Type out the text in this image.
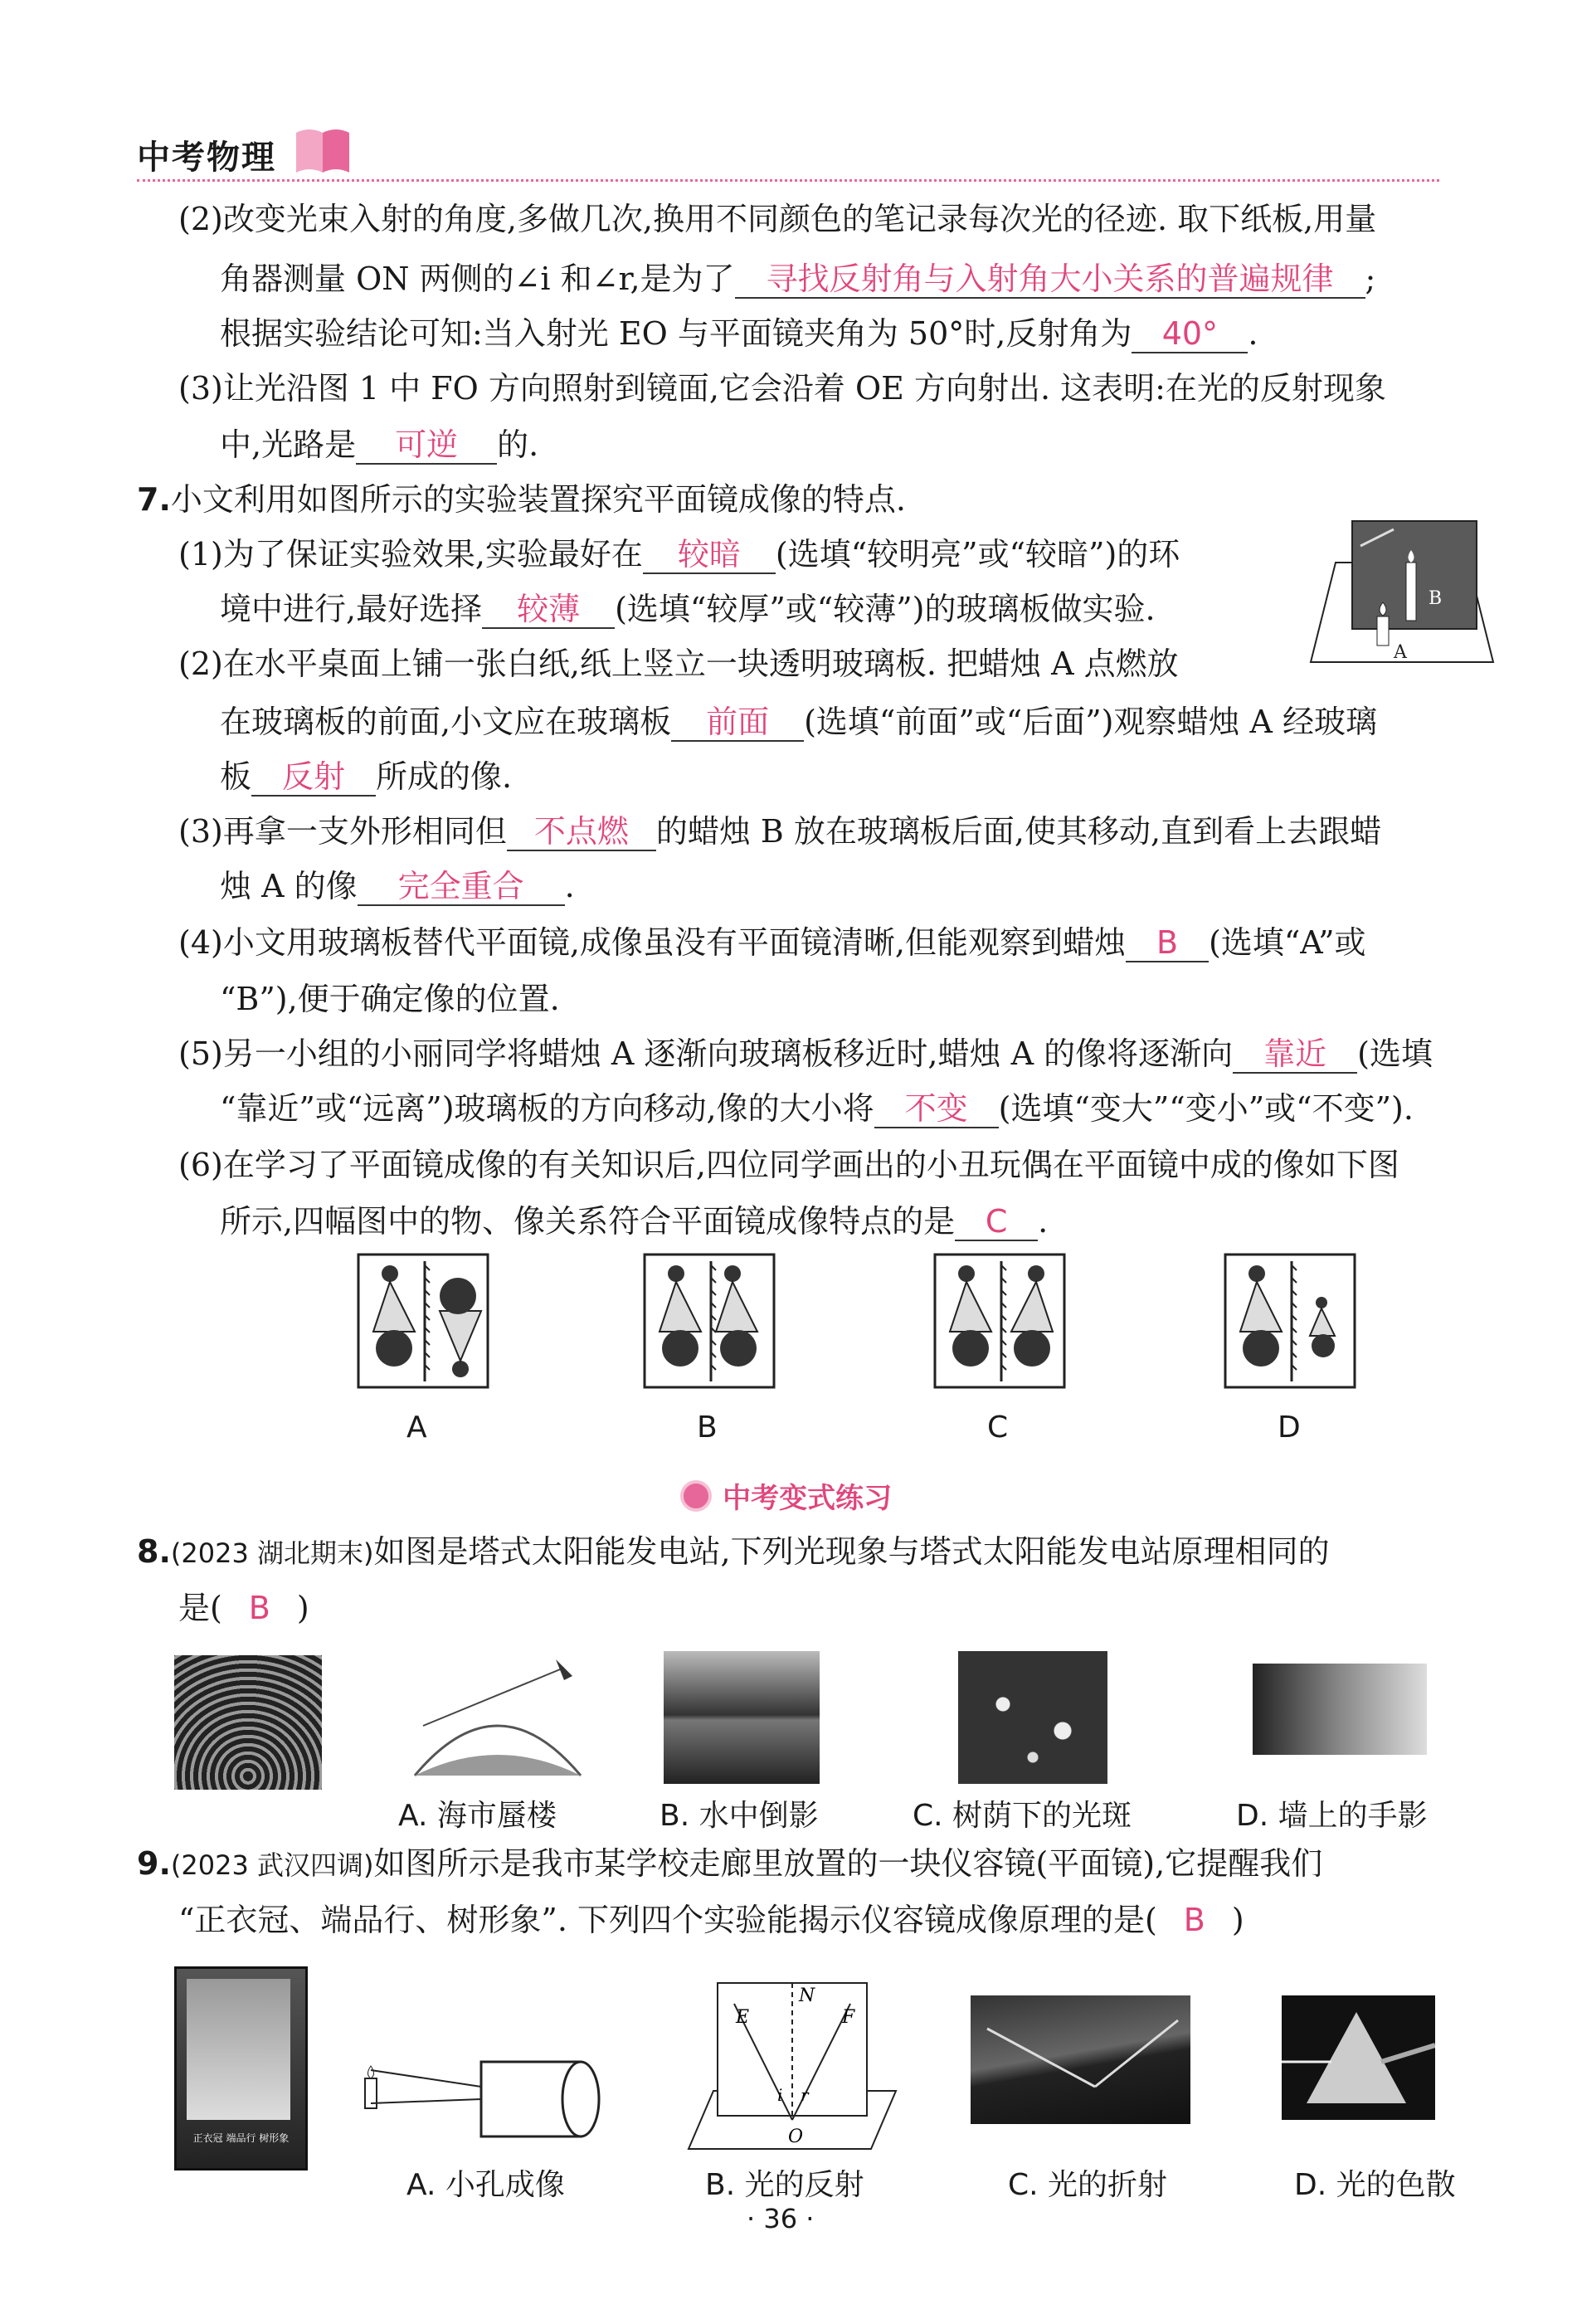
中考物理
(2)改变光束入射的角度,多做几次,换用不同颜色的笔记录每次光的径迹. 取下纸板,用量
角器测量 ON 两侧的∠i 和∠r,是为了 寻找反射角与入射角大小关系的普遍规律 ;
根据实验结论可知:当入射光 EO 与平面镜夹角为 50°时,反射角为 40° .
(3)让光沿图 1 中 FO 方向照射到镜面,它会沿着 OE 方向射出. 这表明:在光的反射现象
中,光路是 可逆 的.
7.小文利用如图所示的实验装置探究平面镜成像的特点.
(1)为了保证实验效果,实验最好在 较暗 (选填“较明亮”或“较暗”)的环
境中进行,最好选择 较薄 (选填“较厚”或“较薄”)的玻璃板做实验.
(2)在水平桌面上铺一张白纸,纸上竖立一块透明玻璃板. 把蜡烛 A 点燃放
B
A
在玻璃板的前面,小文应在玻璃板 前面 (选填“前面”或“后面”)观察蜡烛 A 经玻璃
板 反射 所成的像.
(3)再拿一支外形相同但 不点燃 的蜡烛 B 放在玻璃板后面,使其移动,直到看上去跟蜡
烛 A 的像 完全重合 .
(4)小文用玻璃板替代平面镜,成像虽没有平面镜清晰,但能观察到蜡烛 B (选填“A”或
“B”),便于确定像的位置.
(5)另一小组的小丽同学将蜡烛 A 逐渐向玻璃板移近时,蜡烛 A 的像将逐渐向 靠近 (选填
“靠近”或“远离”)玻璃板的方向移动,像的大小将 不变 (选填“变大”“变小”或“不变”).
(6)在学习了平面镜成像的有关知识后,四位同学画出的小丑玩偶在平面镜中成的像如下图
所示,四幅图中的物、像关系符合平面镜成像特点的是 C .
A	B	C	D
中考变式练习
8.(2023 湖北期末)如图是塔式太阳能发电站,下列光现象与塔式太阳能发电站原理相同的
是( B )
A. 海市蜃楼	B. 水中倒影	C. 树荫下的光斑	D. 墙上的手影
9.(2023 武汉四调)如图所示是我市某学校走廊里放置的一块仪容镜(平面镜),它提醒我们
“正衣冠、端品行、树形象”. 下列四个实验能揭示仪容镜成像原理的是( B )
正衣冠 端品行 树形象
N
E	F
i r
O
A. 小孔成像	B. 光的反射	C. 光的折射	D. 光的色散
· 36 ·
